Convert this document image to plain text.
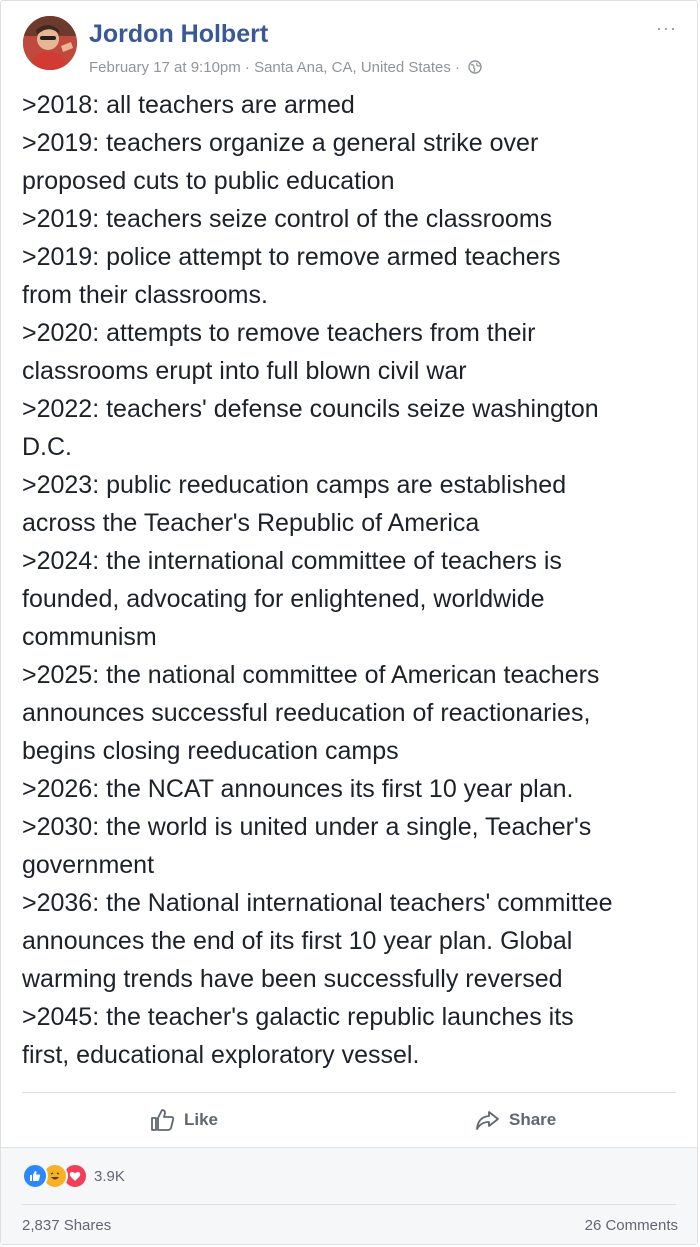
Jordon Holbert
February 17 at 9:10pm · Santa Ana, CA, United States ·
···
>2018: all teachers are armed
>2019: teachers organize a general strike over
proposed cuts to public education
>2019: teachers seize control of the classrooms
>2019: police attempt to remove armed teachers
from their classrooms.
>2020: attempts to remove teachers from their
classrooms erupt into full blown civil war
>2022: teachers' defense councils seize washington
D.C.
>2023: public reeducation camps are established
across the Teacher's Republic of America
>2024: the international committee of teachers is
founded, advocating for enlightened, worldwide
communism
>2025: the national committee of American teachers
announces successful reeducation of reactionaries,
begins closing reeducation camps
>2026: the NCAT announces its first 10 year plan.
>2030: the world is united under a single, Teacher's
government
>2036: the National international teachers' committee
announces the end of its first 10 year plan. Global
warming trends have been successfully reversed
>2045: the teacher's galactic republic launches its
first, educational exploratory vessel.
Like	Share
3.9K
2,837 Shares	26 Comments
